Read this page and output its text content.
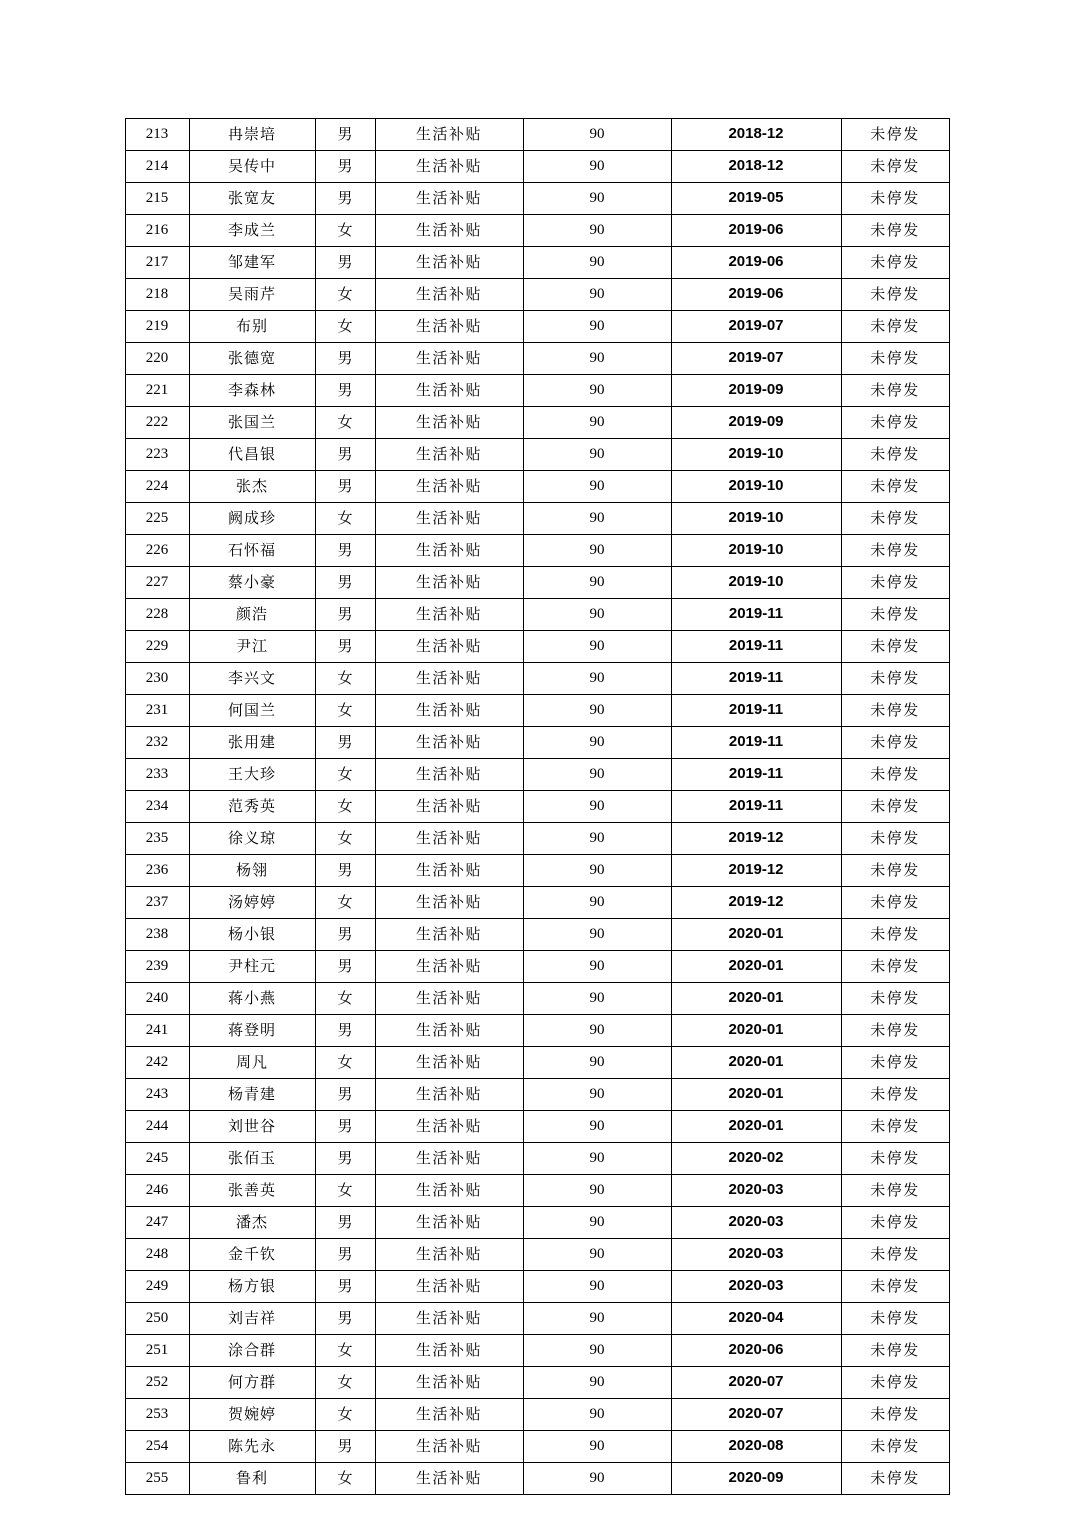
213	冉崇培	男	生活补贴	90	2018-12	未停发
214	吴传中	男	生活补贴	90	2018-12	未停发
215	张宽友	男	生活补贴	90	2019-05	未停发
216	李成兰	女	生活补贴	90	2019-06	未停发
217	邹建军	男	生活补贴	90	2019-06	未停发
218	吴雨芹	女	生活补贴	90	2019-06	未停发
219	布别	女	生活补贴	90	2019-07	未停发
220	张德宽	男	生活补贴	90	2019-07	未停发
221	李森林	男	生活补贴	90	2019-09	未停发
222	张国兰	女	生活补贴	90	2019-09	未停发
223	代昌银	男	生活补贴	90	2019-10	未停发
224	张杰	男	生活补贴	90	2019-10	未停发
225	阙成珍	女	生活补贴	90	2019-10	未停发
226	石怀福	男	生活补贴	90	2019-10	未停发
227	蔡小豪	男	生活补贴	90	2019-10	未停发
228	颜浩	男	生活补贴	90	2019-11	未停发
229	尹江	男	生活补贴	90	2019-11	未停发
230	李兴文	女	生活补贴	90	2019-11	未停发
231	何国兰	女	生活补贴	90	2019-11	未停发
232	张用建	男	生活补贴	90	2019-11	未停发
233	王大珍	女	生活补贴	90	2019-11	未停发
234	范秀英	女	生活补贴	90	2019-11	未停发
235	徐义琼	女	生活补贴	90	2019-12	未停发
236	杨翎	男	生活补贴	90	2019-12	未停发
237	汤婷婷	女	生活补贴	90	2019-12	未停发
238	杨小银	男	生活补贴	90	2020-01	未停发
239	尹柱元	男	生活补贴	90	2020-01	未停发
240	蒋小燕	女	生活补贴	90	2020-01	未停发
241	蒋登明	男	生活补贴	90	2020-01	未停发
242	周凡	女	生活补贴	90	2020-01	未停发
243	杨青建	男	生活补贴	90	2020-01	未停发
244	刘世谷	男	生活补贴	90	2020-01	未停发
245	张佰玉	男	生活补贴	90	2020-02	未停发
246	张善英	女	生活补贴	90	2020-03	未停发
247	潘杰	男	生活补贴	90	2020-03	未停发
248	金千钦	男	生活补贴	90	2020-03	未停发
249	杨方银	男	生活补贴	90	2020-03	未停发
250	刘吉祥	男	生活补贴	90	2020-04	未停发
251	涂合群	女	生活补贴	90	2020-06	未停发
252	何方群	女	生活补贴	90	2020-07	未停发
253	贺婉婷	女	生活补贴	90	2020-07	未停发
254	陈先永	男	生活补贴	90	2020-08	未停发
255	鲁利	女	生活补贴	90	2020-09	未停发
